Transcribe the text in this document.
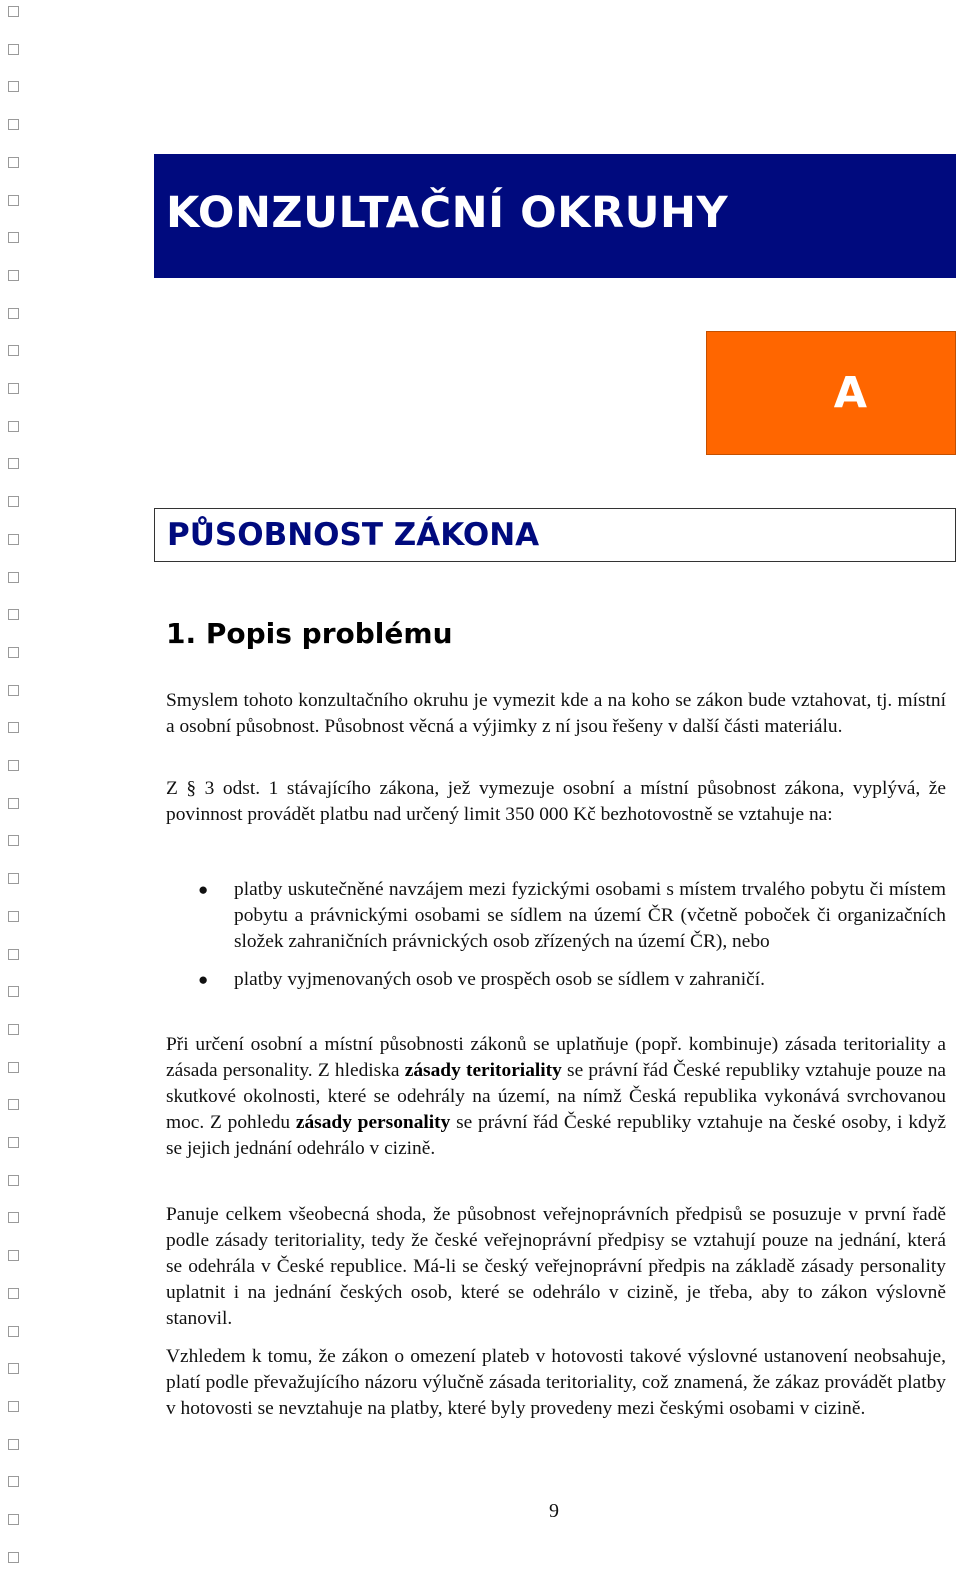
KONZULTAČNÍ OKRUHY
A
PŮSOBNOST ZÁKONA
1. Popis problému

Smyslem tohoto konzultačního okruhu je vymezit kde a na koho se zákon bude vztahovat, tj. místní a osobní působnost. Působnost věcná a výjimky z ní jsou řešeny v další části materiálu.

Z § 3 odst. 1 stávajícího zákona, jež vymezuje osobní a místní působnost zákona, vyplývá, že povinnost provádět platbu nad určený limit 350 000 Kč bezhotovostně se vztahuje na:

● platby uskutečněné navzájem mezi fyzickými osobami s místem trvalého pobytu či místem pobytu a právnickými osobami se sídlem na území ČR (včetně poboček či organizačních složek zahraničních právnických osob zřízených na území ČR), nebo
● platby vyjmenovaných osob ve prospěch osob se sídlem v zahraničí.

Při určení osobní a místní působnosti zákonů se uplatňuje (popř. kombinuje) zásada teritoriality a zásada personality. Z hlediska zásady teritoriality se právní řád České republiky vztahuje pouze na skutkové okolnosti, které se odehrály na území, na nímž Česká republika vykonává svrchovanou moc. Z pohledu zásady personality se právní řád České republiky vztahuje na české osoby, i když se jejich jednání odehrálo v cizině.

Panuje celkem všeobecná shoda, že působnost veřejnoprávních předpisů se posuzuje v první řadě podle zásady teritoriality, tedy že české veřejnoprávní předpisy se vztahují pouze na jednání, která se odehrála v České republice. Má-li se český veřejnoprávní předpis na základě zásady personality uplatnit i na jednání českých osob, které se odehrálo v cizině, je třeba, aby to zákon výslovně stanovil.

Vzhledem k tomu, že zákon o omezení plateb v hotovosti takové výslovné ustanovení neobsahuje, platí podle převažujícího názoru výlučně zásada teritoriality, což znamená, že zákaz provádět platby v hotovosti se nevztahuje na platby, které byly provedeny mezi českými osobami v cizině.

9
